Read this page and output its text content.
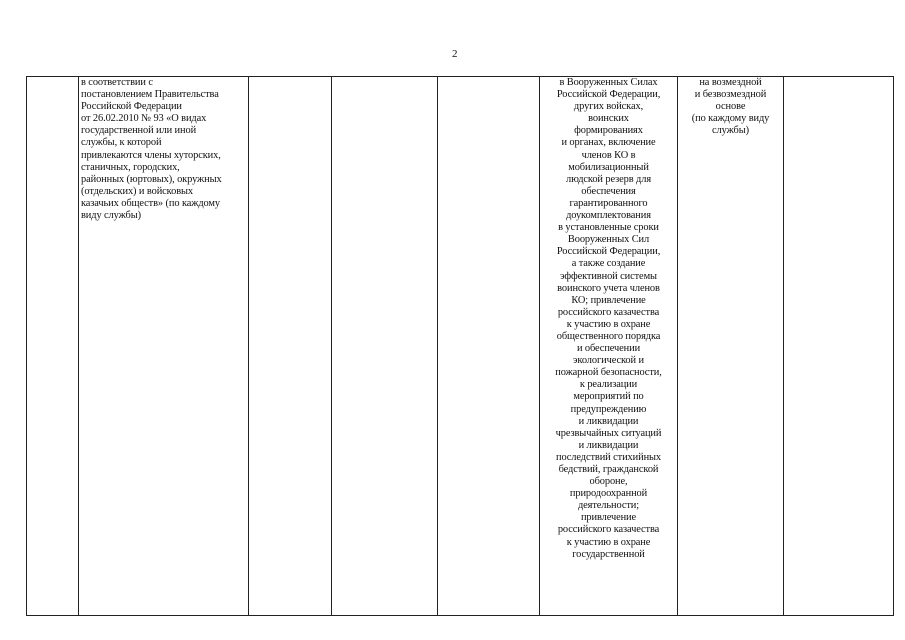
2
в соответствии с
постановлением Правительства
Российской Федерации
от 26.02.2010 № 93 «О видах
государственной или иной
службы, к которой
привлекаются члены хуторских,
станичных, городских,
районных (юртовых), окружных
(отдельских) и войсковых
казачьих обществ» (по каждому
виду службы)
в Вооруженных Силах
Российской Федерации,
других войсках,
воинских
формированиях
и органах, включение
членов КО в
мобилизационный
людской резерв для
обеспечения
гарантированного
доукомплектования
в установленные сроки
Вооруженных Сил
Российской Федерации,
а также создание
эффективной системы
воинского учета членов
КО; привлечение
российского казачества
к участию в охране
общественного порядка
и обеспечении
экологической и
пожарной безопасности,
к реализации
мероприятий по
предупреждению
и ликвидации
чрезвычайных ситуаций
и ликвидации
последствий стихийных
бедствий, гражданской
обороне,
природоохранной
деятельности;
привлечение
российского казачества
к участию в охране
государственной
на возмездной
и безвозмездной
основе
(по каждому виду
службы)
